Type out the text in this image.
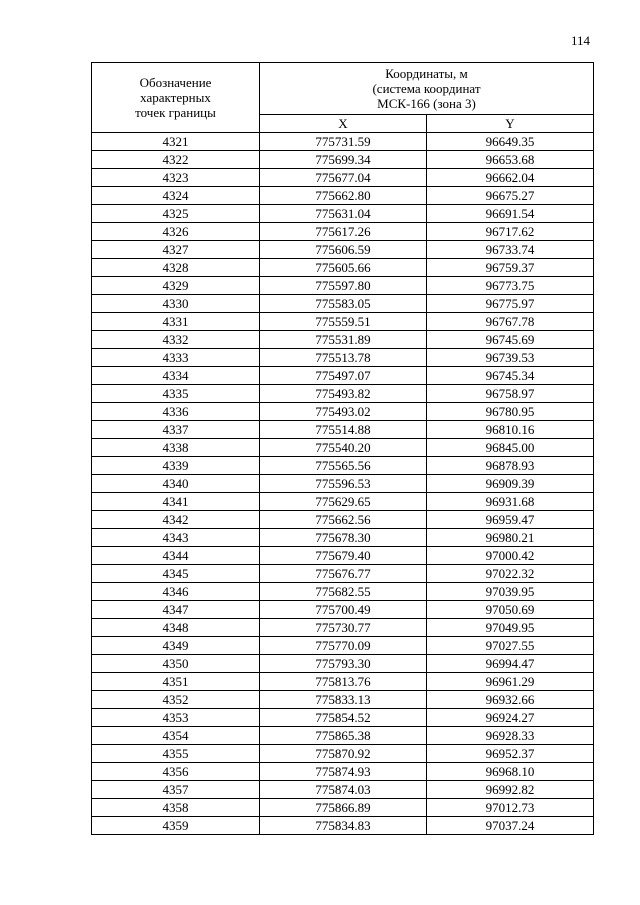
114
Обозначение
характерных
точек границы	Координаты, м
(система координат
МСК-166 (зона 3)	

	X	Y
4321	775731.59	96649.35
4322	775699.34	96653.68
4323	775677.04	96662.04
4324	775662.80	96675.27
4325	775631.04	96691.54
4326	775617.26	96717.62
4327	775606.59	96733.74
4328	775605.66	96759.37
4329	775597.80	96773.75
4330	775583.05	96775.97
4331	775559.51	96767.78
4332	775531.89	96745.69
4333	775513.78	96739.53
4334	775497.07	96745.34
4335	775493.82	96758.97
4336	775493.02	96780.95
4337	775514.88	96810.16
4338	775540.20	96845.00
4339	775565.56	96878.93
4340	775596.53	96909.39
4341	775629.65	96931.68
4342	775662.56	96959.47
4343	775678.30	96980.21
4344	775679.40	97000.42
4345	775676.77	97022.32
4346	775682.55	97039.95
4347	775700.49	97050.69
4348	775730.77	97049.95
4349	775770.09	97027.55
4350	775793.30	96994.47
4351	775813.76	96961.29
4352	775833.13	96932.66
4353	775854.52	96924.27
4354	775865.38	96928.33
4355	775870.92	96952.37
4356	775874.93	96968.10
4357	775874.03	96992.82
4358	775866.89	97012.73
4359	775834.83	97037.24
